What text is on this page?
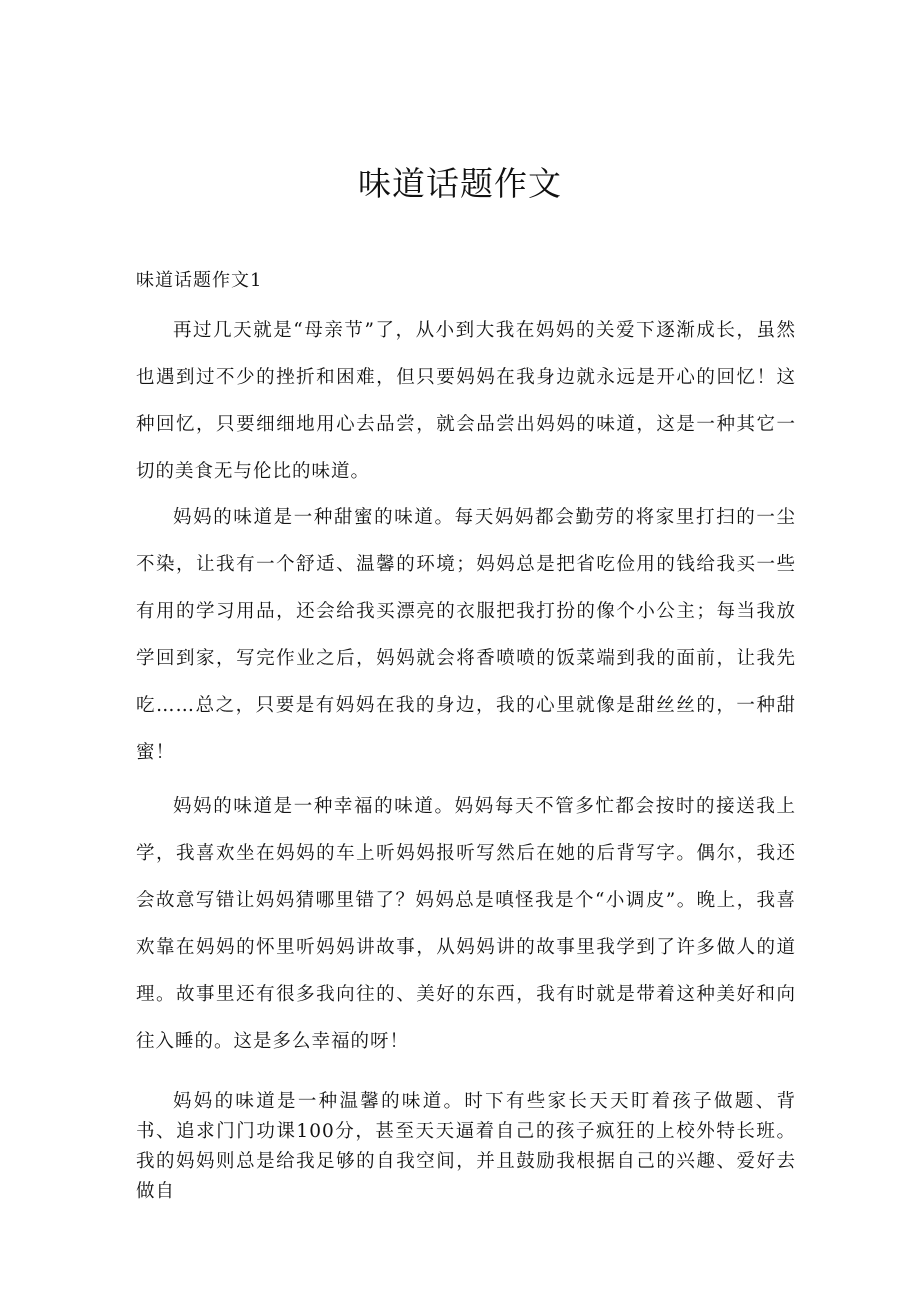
味道话题作文
味道话题作文1

再过几天就是“母亲节”了，从小到大我在妈妈的关爱下逐渐成长，虽然也遇到过不少的挫折和困难，但只要妈妈在我身边就永远是开心的回忆！这种回忆，只要细细地用心去品尝，就会品尝出妈妈的味道，这是一种其它一切的美食无与伦比的味道。

妈妈的味道是一种甜蜜的味道。每天妈妈都会勤劳的将家里打扫的一尘不染，让我有一个舒适、温馨的环境；妈妈总是把省吃俭用的钱给我买一些有用的学习用品，还会给我买漂亮的衣服把我打扮的像个小公主；每当我放学回到家，写完作业之后，妈妈就会将香喷喷的饭菜端到我的面前，让我先吃……总之，只要是有妈妈在我的身边，我的心里就像是甜丝丝的，一种甜蜜！

妈妈的味道是一种幸福的味道。妈妈每天不管多忙都会按时的接送我上学，我喜欢坐在妈妈的车上听妈妈报听写然后在她的后背写字。偶尔，我还会故意写错让妈妈猜哪里错了？妈妈总是嗔怪我是个“小调皮”。晚上，我喜欢靠在妈妈的怀里听妈妈讲故事，从妈妈讲的故事里我学到了许多做人的道理。故事里还有很多我向往的、美好的东西，我有时就是带着这种美好和向往入睡的。这是多么幸福的呀！

妈妈的味道是一种温馨的味道。时下有些家长天天盯着孩子做题、背书、追求门门功课100分，甚至天天逼着自己的孩子疯狂的上校外特长班。我的妈妈则总是给我足够的自我空间，并且鼓励我根据自己的兴趣、爱好去做自
